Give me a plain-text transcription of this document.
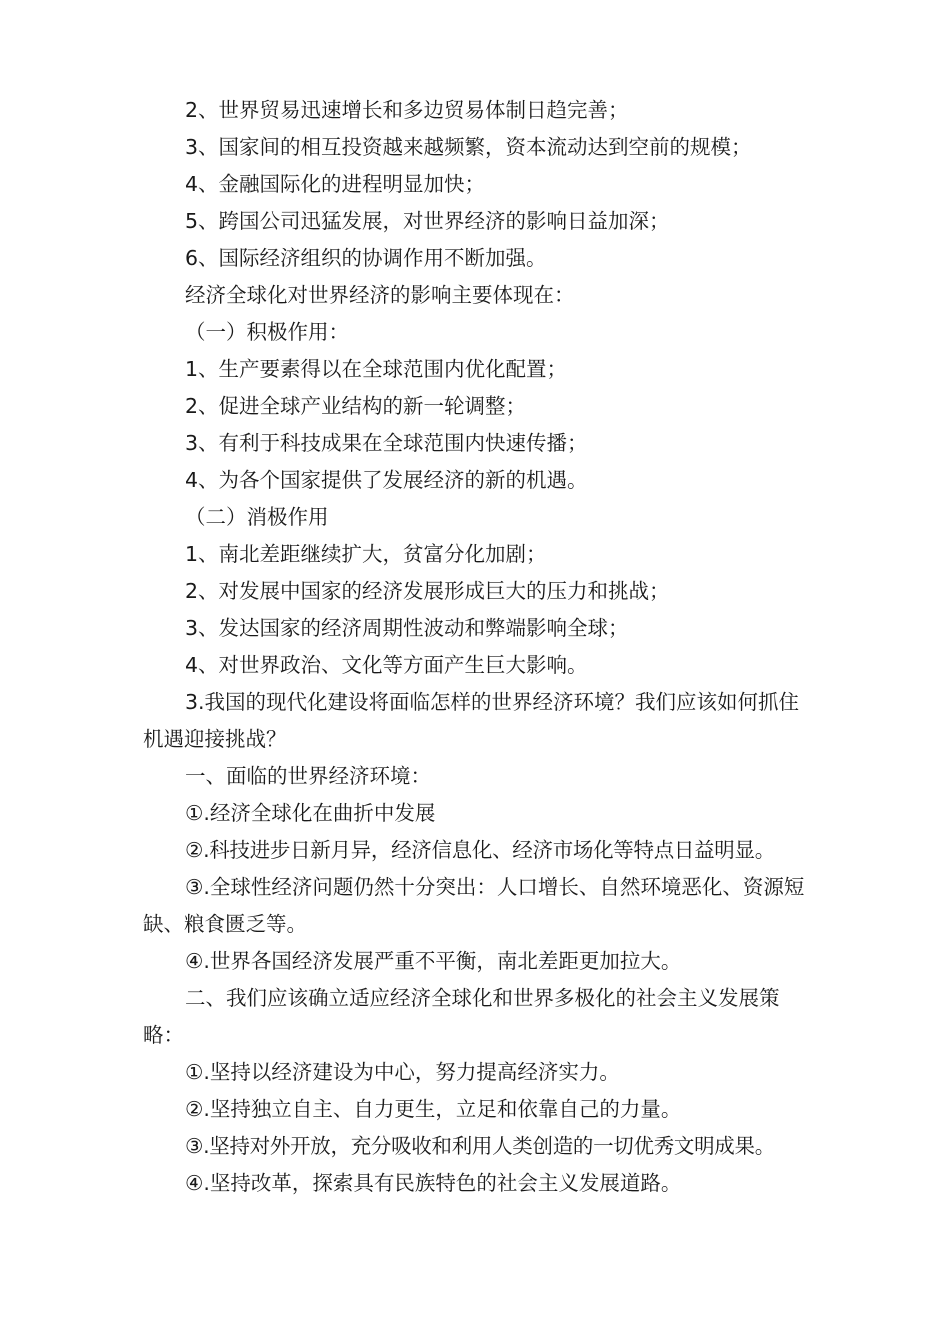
2、世界贸易迅速增长和多边贸易体制日趋完善；

3、国家间的相互投资越来越频繁，资本流动达到空前的规模；

4、金融国际化的进程明显加快；

5、跨国公司迅猛发展，对世界经济的影响日益加深；

6、国际经济组织的协调作用不断加强。

经济全球化对世界经济的影响主要体现在：

（一）积极作用：

1、生产要素得以在全球范围内优化配置；

2、促进全球产业结构的新一轮调整；

3、有利于科技成果在全球范围内快速传播；

4、为各个国家提供了发展经济的新的机遇。

（二）消极作用

1、南北差距继续扩大，贫富分化加剧；

2、对发展中国家的经济发展形成巨大的压力和挑战；

3、发达国家的经济周期性波动和弊端影响全球；

4、对世界政治、文化等方面产生巨大影响。

3.我国的现代化建设将面临怎样的世界经济环境？我们应该如何抓住机遇迎接挑战？

一、面临的世界经济环境：

①.经济全球化在曲折中发展

②.科技进步日新月异，经济信息化、经济市场化等特点日益明显。

③.全球性经济问题仍然十分突出：人口增长、自然环境恶化、资源短缺、粮食匮乏等。

④.世界各国经济发展严重不平衡，南北差距更加拉大。

二、我们应该确立适应经济全球化和世界多极化的社会主义发展策略：

①.坚持以经济建设为中心，努力提高经济实力。

②.坚持独立自主、自力更生，立足和依靠自己的力量。

③.坚持对外开放，充分吸收和利用人类创造的一切优秀文明成果。

④.坚持改革，探索具有民族特色的社会主义发展道路。
